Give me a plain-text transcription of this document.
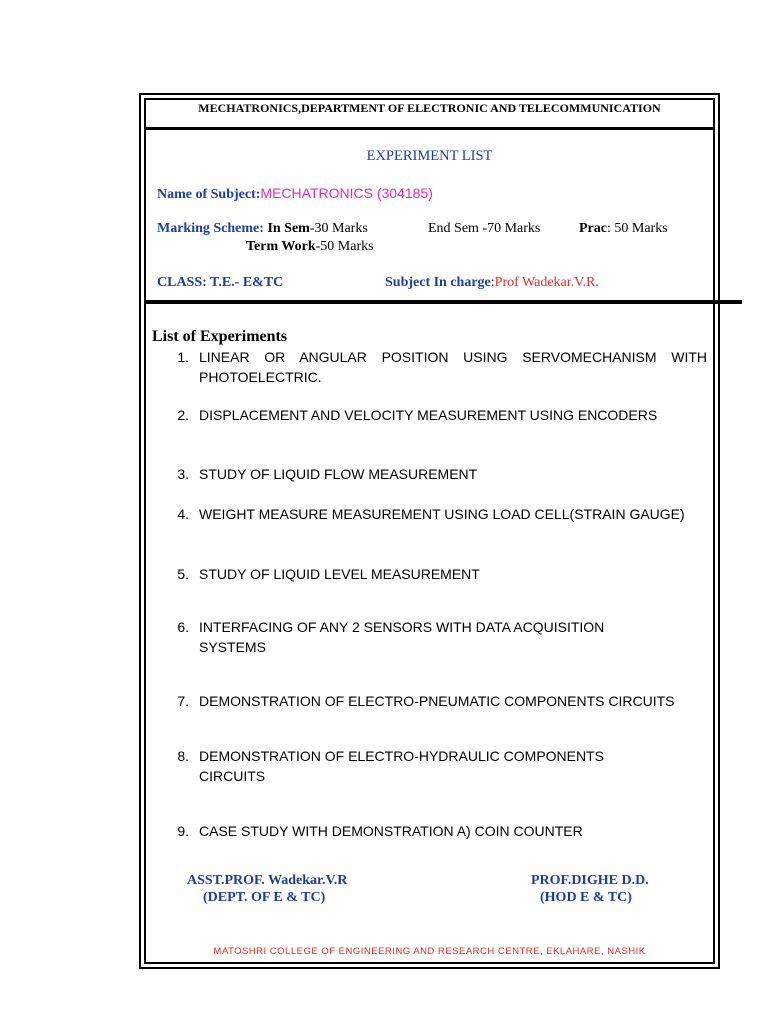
MECHATRONICS,DEPARTMENT OF ELECTRONIC AND TELECOMMUNICATION
EXPERIMENT LIST
Name of Subject:MECHATRONICS (304185)
Marking Scheme: In Sem-30 Marks	End Sem -70 Marks	Prac: 50 Marks
Term Work-50 Marks
CLASS: T.E.- E&TC	Subject In charge:Prof Wadekar.V.R.
List of Experiments
1. LINEAR OR ANGULAR POSITION USING SERVOMECHANISM WITH PHOTOELECTRIC.
2. DISPLACEMENT AND VELOCITY MEASUREMENT USING ENCODERS
3. STUDY OF LIQUID FLOW MEASUREMENT
4. WEIGHT MEASURE MEASUREMENT USING LOAD CELL(STRAIN GAUGE)
5. STUDY OF LIQUID LEVEL MEASUREMENT
6. INTERFACING OF ANY 2 SENSORS WITH DATA ACQUISITION SYSTEMS
7. DEMONSTRATION OF ELECTRO-PNEUMATIC COMPONENTS CIRCUITS
8. DEMONSTRATION OF ELECTRO-HYDRAULIC COMPONENTS CIRCUITS
9. CASE STUDY WITH DEMONSTRATION A) COIN COUNTER
ASST.PROF. Wadekar.V.R
(DEPT. OF E & TC)
PROF.DIGHE D.D.
(HOD E & TC)
MATOSHRI COLLEGE OF ENGINEERING AND RESEARCH CENTRE, EKLAHARE, NASHIK
